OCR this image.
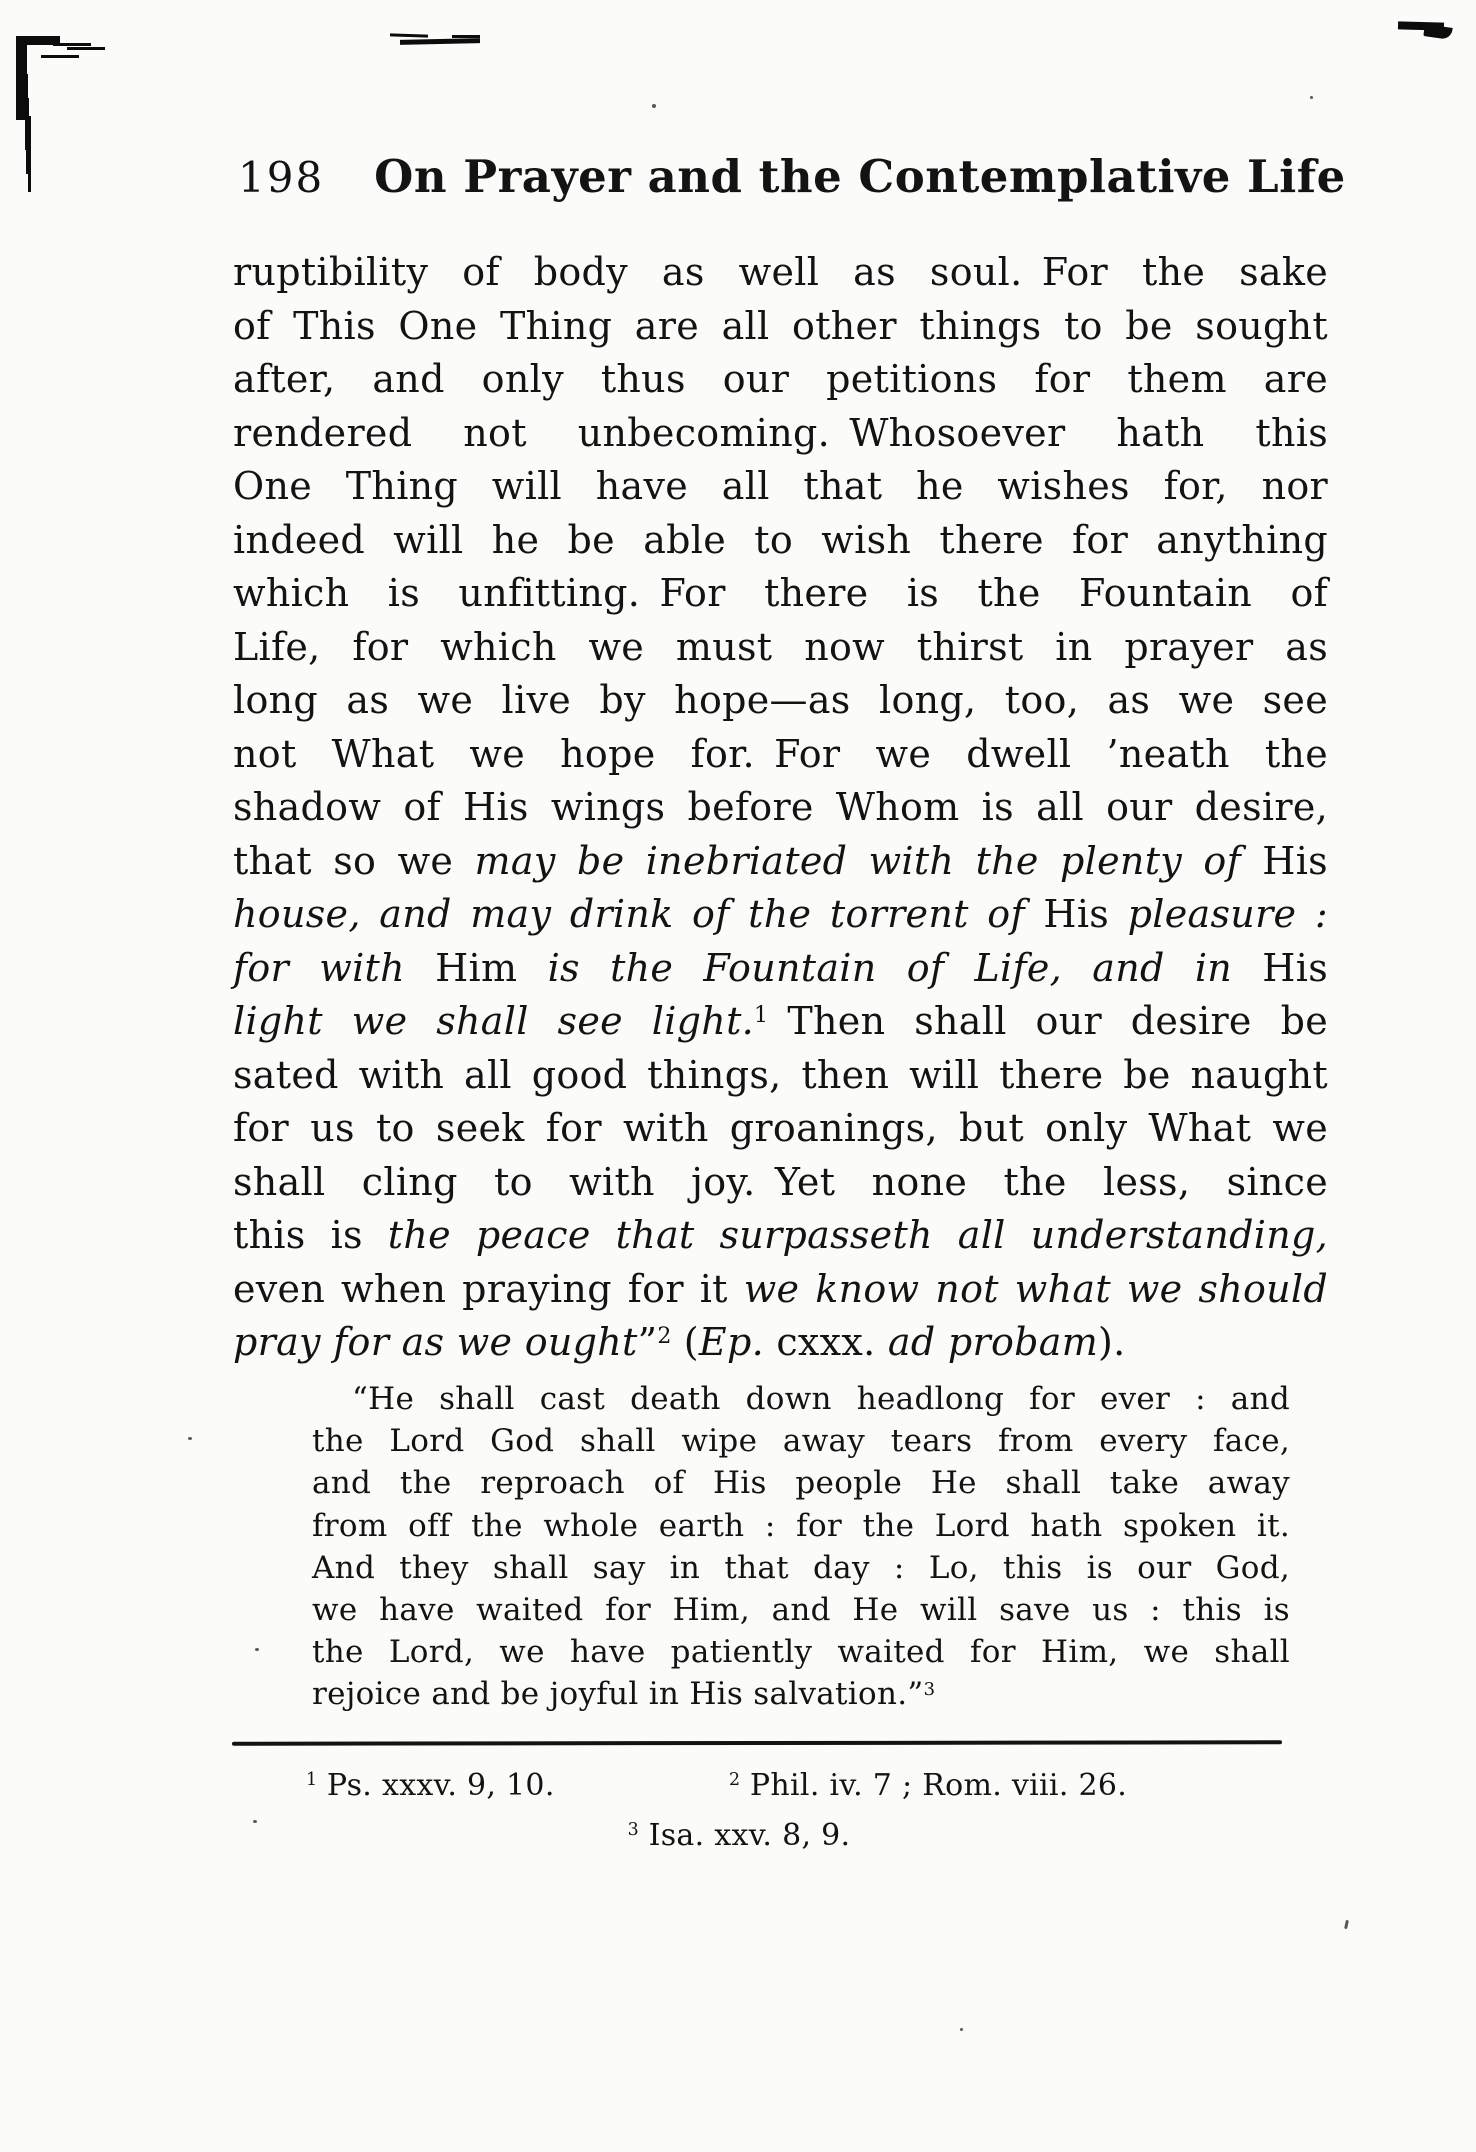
198 On Prayer and the Contemplative Life
ruptibility of body as well as soul. For the sake
of This One Thing are all other things to be sought
after, and only thus our petitions for them are
rendered not unbecoming. Whosoever hath this
One Thing will have all that he wishes for, nor
indeed will he be able to wish there for anything
which is unfitting. For there is the Fountain of
Life, for which we must now thirst in prayer as
long as we live by hope—as long, too, as we see
not What we hope for. For we dwell ’neath the
shadow of His wings before Whom is all our desire,
that so we may be inebriated with the plenty of His
house, and may drink of the torrent of His pleasure :
for with Him is the Fountain of Life, and in His
light we shall see light.$^1$ Then shall our desire be
sated with all good things, then will there be naught
for us to seek for with groanings, but only What we
shall cling to with joy. Yet none the less, since
this is the peace that surpasseth all understanding,
even when praying for it we know not what we should
pray for as we ought”$^2$ (Ep. cxxx. ad probam).
“He shall cast death down headlong for ever : and
the Lord God shall wipe away tears from every face,
and the reproach of His people He shall take away
from off the whole earth : for the Lord hath spoken it.
And they shall say in that day : Lo, this is our God,
we have waited for Him, and He will save us : this is
the Lord, we have patiently waited for Him, we shall
rejoice and be joyful in His salvation.”$^3$
$^1$ Ps. xxxv. 9, 10.	$^2$ Phil. iv. 7 ; Rom. viii. 26.
$^3$ Isa. xxv. 8, 9.
